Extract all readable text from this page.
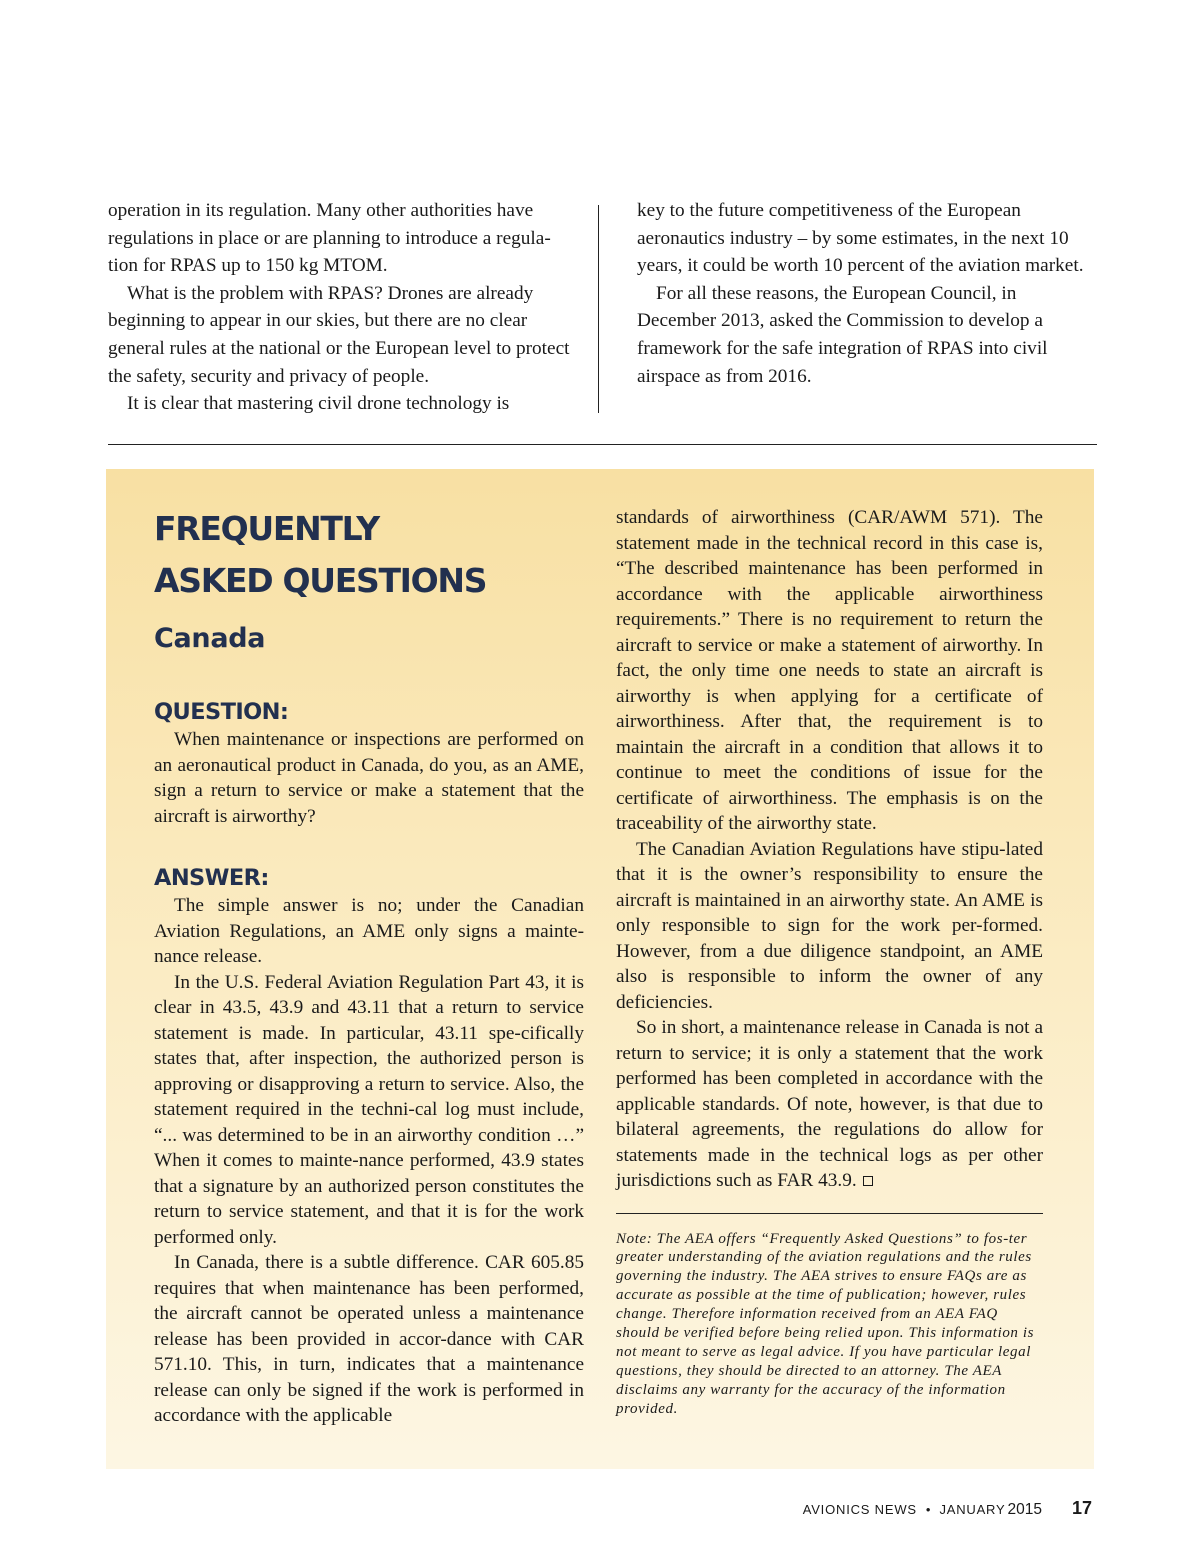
operation in its regulation. Many other authorities have regulations in place or are planning to introduce a regula-tion for RPAS up to 150 kg MTOM.

What is the problem with RPAS? Drones are already beginning to appear in our skies, but there are no clear general rules at the national or the European level to protect the safety, security and privacy of people.

It is clear that mastering civil drone technology is

key to the future competitiveness of the European aeronautics industry – by some estimates, in the next 10 years, it could be worth 10 percent of the aviation market.

For all these reasons, the European Council, in December 2013, asked the Commission to develop a framework for the safe integration of RPAS into civil airspace as from 2016.

FREQUENTLY
ASKED QUESTIONS
Canada
QUESTION:

When maintenance or inspections are performed on an aeronautical product in Canada, do you, as an AME, sign a return to service or make a statement that the aircraft is airworthy?

ANSWER:

The simple answer is no; under the Canadian Aviation Regulations, an AME only signs a mainte-nance release.

In the U.S. Federal Aviation Regulation Part 43, it is clear in 43.5, 43.9 and 43.11 that a return to service statement is made. In particular, 43.11 spe-cifically states that, after inspection, the authorized person is approving or disapproving a return to service. Also, the statement required in the techni-cal log must include, “... was determined to be in an airworthy condition …” When it comes to mainte-nance performed, 43.9 states that a signature by an authorized person constitutes the return to service statement, and that it is for the work performed only.

In Canada, there is a subtle difference. CAR 605.85 requires that when maintenance has been performed, the aircraft cannot be operated unless a maintenance release has been provided in accor-dance with CAR 571.10. This, in turn, indicates that a maintenance release can only be signed if the work is performed in accordance with the applicable

standards of airworthiness (CAR/AWM 571). The statement made in the technical record in this case is, “The described maintenance has been performed in accordance with the applicable airworthiness requirements.” There is no requirement to return the aircraft to service or make a statement of airworthy. In fact, the only time one needs to state an aircraft is airworthy is when applying for a certificate of airworthiness. After that, the requirement is to maintain the aircraft in a condition that allows it to continue to meet the conditions of issue for the certificate of airworthiness. The emphasis is on the traceability of the airworthy state.

The Canadian Aviation Regulations have stipu-lated that it is the owner’s responsibility to ensure the aircraft is maintained in an airworthy state. An AME is only responsible to sign for the work per-formed. However, from a due diligence standpoint, an AME also is responsible to inform the owner of any deficiencies.

So in short, a maintenance release in Canada is not a return to service; it is only a statement that the work performed has been completed in accordance with the applicable standards. Of note, however, is that due to bilateral agreements, the regulations do allow for statements made in the technical logs as per other jurisdictions such as FAR 43.9.

Note: The AEA offers “Frequently Asked Questions” to fos-ter greater understanding of the aviation regulations and the rules governing the industry. The AEA strives to ensure FAQs are as accurate as possible at the time of publication; however, rules change. Therefore information received from an AEA FAQ should be verified before being relied upon. This information is not meant to serve as legal advice. If you have particular legal questions, they should be directed to an attorney. The AEA disclaims any warranty for the accuracy of the information provided.
AVIONICS NEWS • JANUARY 2015 17
